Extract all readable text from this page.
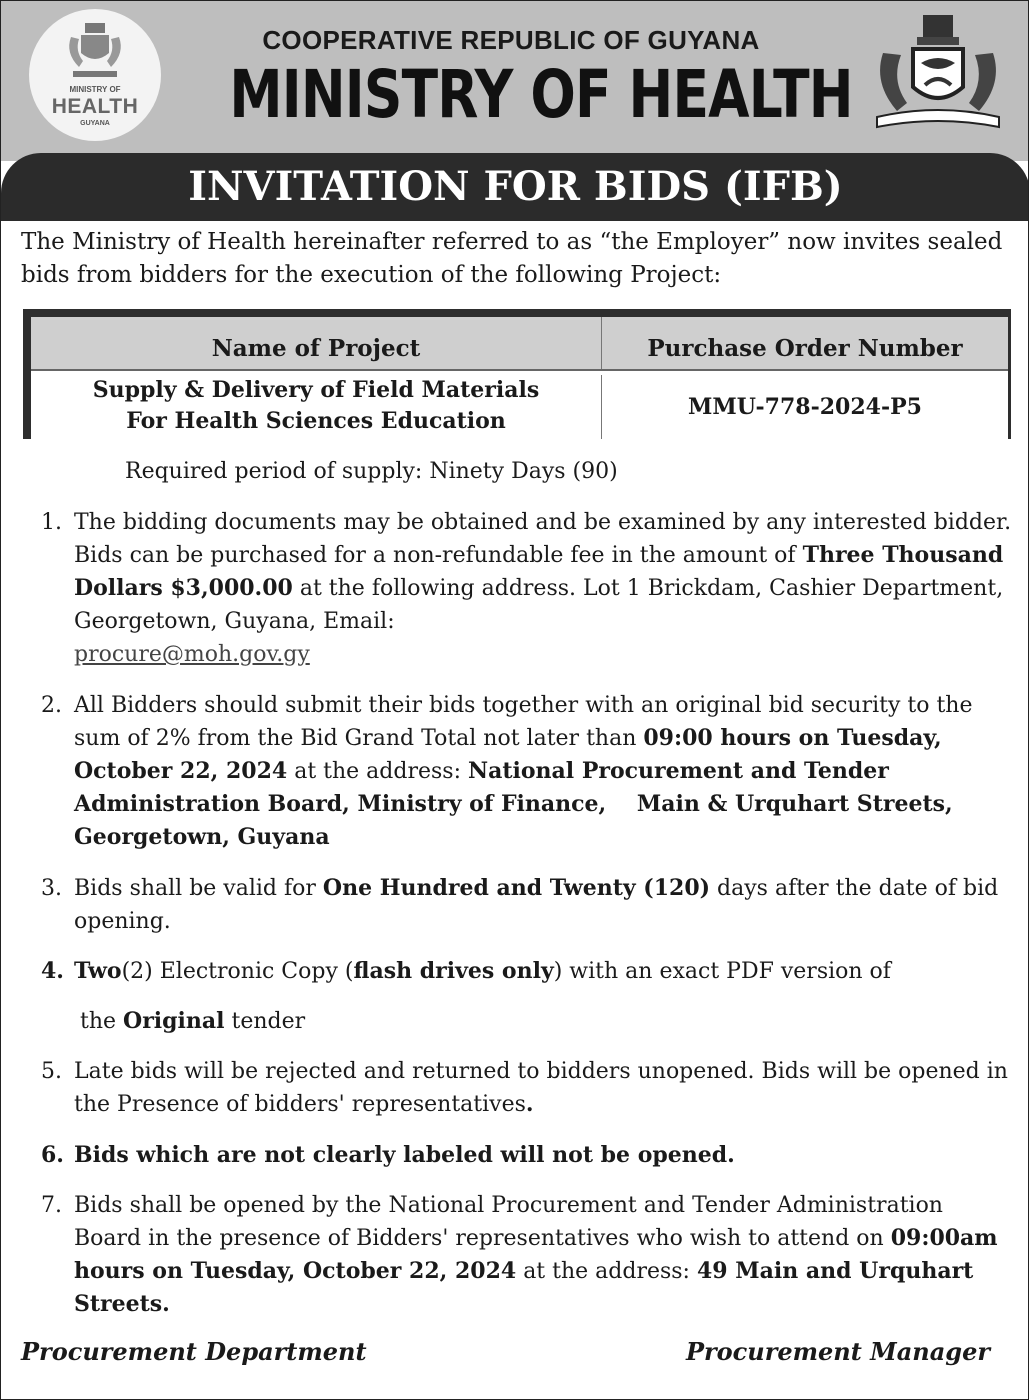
MINISTRY OF
HEALTH
GUYANA
COOPERATIVE REPUBLIC OF GUYANA
MINISTRY OF HEALTH
INVITATION FOR BIDS (IFB)
The Ministry of Health hereinafter referred to as “the Employer” now invites sealed bids from bidders for the execution of the following Project:
Name of Project	Purchase Order Number
Supply & Delivery of Field Materials
For Health Sciences Education
MMU-778-2024-P5
Required period of supply: Ninety Days (90)
1. The bidding documents may be obtained and be examined by any interested bidder. Bids can be purchased for a non-refundable fee in the amount of Three Thousand Dollars $3,000.00 at the following address. Lot 1 Brickdam, Cashier Department, Georgetown, Guyana, Email:
procure@moh.gov.gy
2. All Bidders should submit their bids together with an original bid security to the sum of 2% from the Bid Grand Total not later than 09:00 hours on Tuesday, October 22, 2024 at the address: National Procurement and Tender Administration Board, Ministry of Finance,    Main & Urquhart Streets, Georgetown, Guyana
3. Bids shall be valid for One Hundred and Twenty (120) days after the date of bid opening.
4. Two(2) Electronic Copy (flash drives only) with an exact PDF version of
the Original tender
5. Late bids will be rejected and returned to bidders unopened. Bids will be opened in the Presence of bidders' representatives.
6. Bids which are not clearly labeled will not be opened.
7. Bids shall be opened by the National Procurement and Tender Administration Board in the presence of Bidders' representatives who wish to attend on 09:00am hours on Tuesday, October 22, 2024 at the address: 49 Main and Urquhart Streets.
Procurement Department	Procurement Manager
